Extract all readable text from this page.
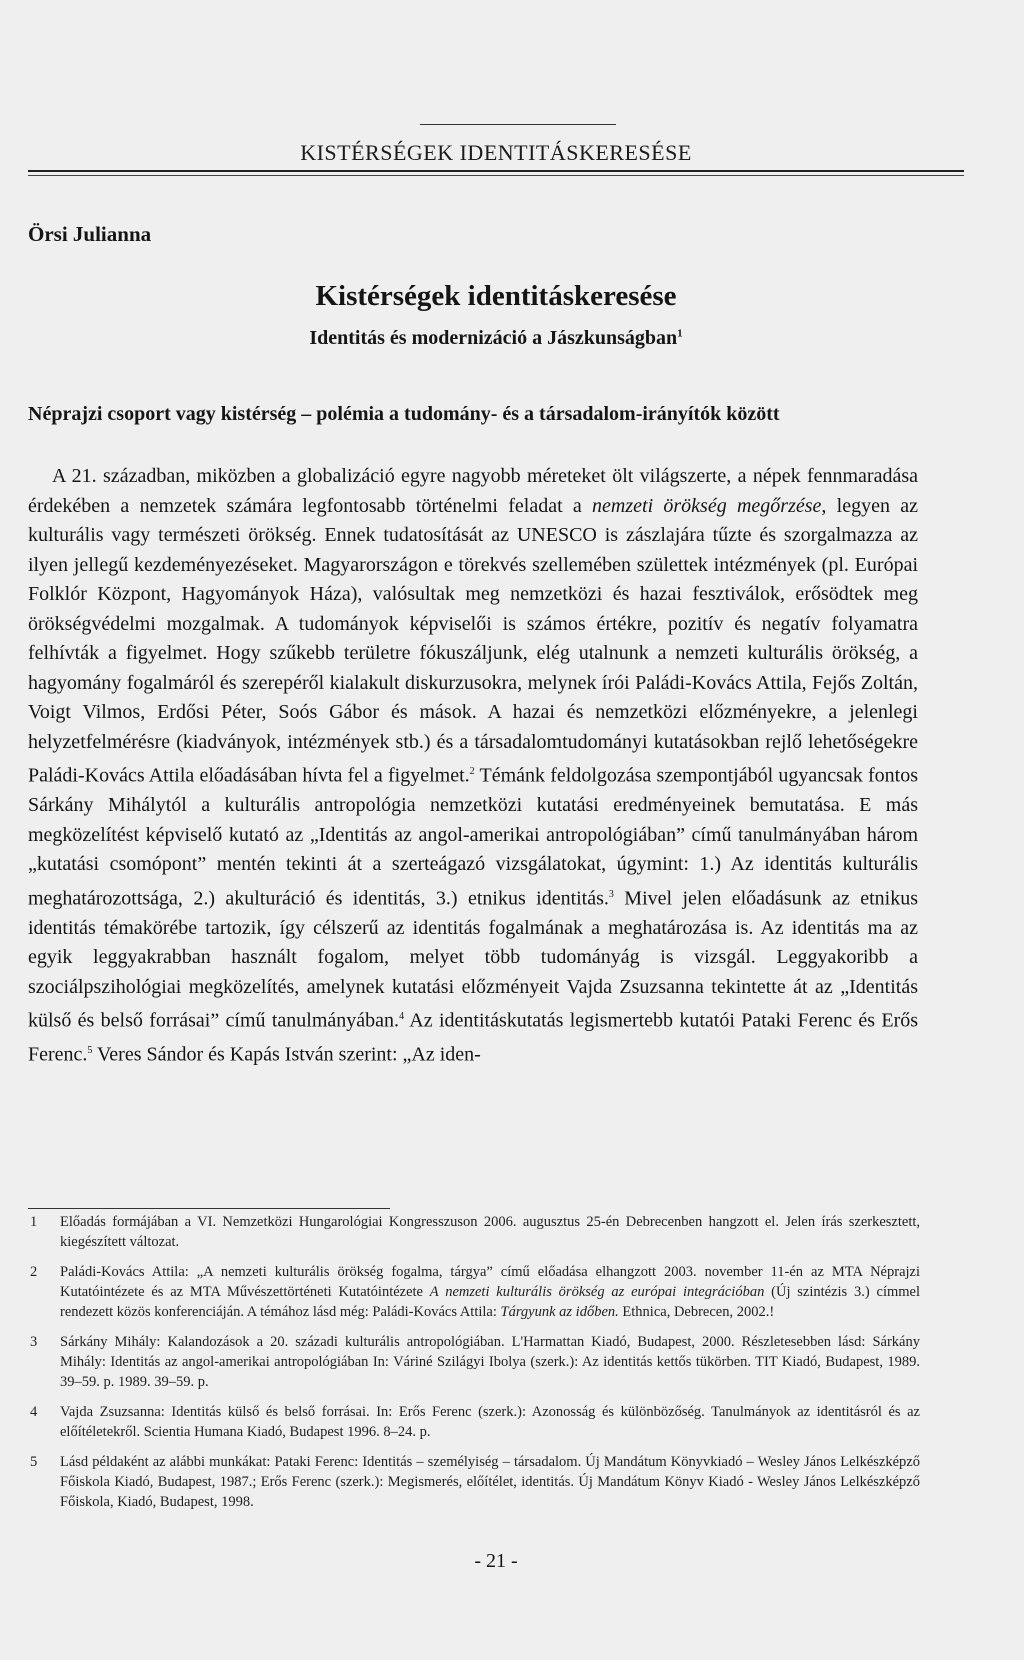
KISTÉRSÉGEK IDENTITÁSKERESÉSE
Örsi Julianna
Kistérségek identitáskeresése
Identitás és modernizáció a Jászkunságban$^1$
Néprajzi csoport vagy kistérség – polémia a tudomány- és a társadalom-irányítók között

A 21. században, miközben a globalizáció egyre nagyobb méreteket ölt világszerte, a népek fennmaradása érdekében a nemzetek számára legfontosabb történelmi feladat a nemzeti örökség megőrzése, legyen az kulturális vagy természeti örökség. Ennek tudatosítását az UNESCO is zászlajára tűzte és szorgalmazza az ilyen jellegű kezdeményezéseket. Magyarországon e törekvés szellemében születtek intézmények (pl. Európai Folklór Központ, Hagyományok Háza), valósultak meg nemzetközi és hazai fesztiválok, erősödtek meg örökségvédelmi mozgalmak. A tudományok képviselői is számos értékre, pozitív és negatív folyamatra felhívták a figyelmet. Hogy szűkebb területre fókuszáljunk, elég utalnunk a nemzeti kulturális örökség, a hagyomány fogalmáról és szerepéről kialakult diskurzusokra, melynek írói Paládi-Kovács Attila, Fejős Zoltán, Voigt Vilmos, Erdősi Péter, Soós Gábor és mások. A hazai és nemzetközi előzményekre, a jelenlegi helyzetfelmérésre (kiadványok, intézmények stb.) és a társadalomtudományi kutatásokban rejlő lehetőségekre Paládi-Kovács Attila előadásában hívta fel a figyelmet.$^2$ Témánk feldolgozása szempontjából ugyancsak fontos Sárkány Mihálytól a kulturális antropológia nemzetközi kutatási eredményeinek bemutatása. E más megközelítést képviselő kutató az „Identitás az angol-amerikai antropológiában” című tanulmányában három „kutatási csomópont” mentén tekinti át a szerteágazó vizsgálatokat, úgymint: 1.) Az identitás kulturális meghatározottsága, 2.) akulturáció és identitás, 3.) etnikus identitás.$^3$ Mivel jelen előadásunk az etnikus identitás témakörébe tartozik, így célszerű az identitás fogalmának a meghatározása is. Az identitás ma az egyik leggyakrabban használt fogalom, melyet több tudományág is vizsgál. Leggyakoribb a szociálpszihológiai megközelítés, amelynek kutatási előzményeit Vajda Zsuzsanna tekintette át az „Identitás külső és belső forrásai” című tanulmányában.$^4$ Az identitáskutatás legismertebb kutatói Pataki Ferenc és Erős Ferenc.$^5$ Veres Sándor és Kapás István szerint: „Az iden-

1	Előadás formájában a VI. Nemzetközi Hungarológiai Kongresszuson 2006. augusztus 25-én Debrecenben hangzott el. Jelen írás szerkesztett, kiegészített változat.
2	Paládi-Kovács Attila: „A nemzeti kulturális örökség fogalma, tárgya” című előadása elhangzott 2003. november 11-én az MTA Néprajzi Kutatóintézete és az MTA Művészettörténeti Kutatóintézete A nemzeti kulturális örökség az európai integrációban (Új szintézis 3.) címmel rendezett közös konferenciáján. A témához lásd még: Paládi-Kovács Attila: Tárgyunk az időben. Ethnica, Debrecen, 2002.!
3	Sárkány Mihály: Kalandozások a 20. századi kulturális antropológiában. L'Harmattan Kiadó, Budapest, 2000. Részletesebben lásd: Sárkány Mihály: Identitás az angol-amerikai antropológiában In: Váriné Szilágyi Ibolya (szerk.): Az identitás kettős tükörben. TIT Kiadó, Budapest, 1989. 39–59. p. 1989. 39–59. p.
4	Vajda Zsuzsanna: Identitás külső és belső forrásai. In: Erős Ferenc (szerk.): Azonosság és különbözőség. Tanulmányok az identitásról és az előítéletekről. Scientia Humana Kiadó, Budapest 1996. 8–24. p.
5	Lásd példaként az alábbi munkákat: Pataki Ferenc: Identitás – személyiség – társadalom. Új Mandátum Könyvkiadó – Wesley János Lelkészképző Főiskola Kiadó, Budapest, 1987.; Erős Ferenc (szerk.): Megismerés, előítélet, identitás. Új Mandátum Könyv Kiadó - Wesley János Lelkészképző Főiskola, Kiadó, Budapest, 1998.
- 21 -
